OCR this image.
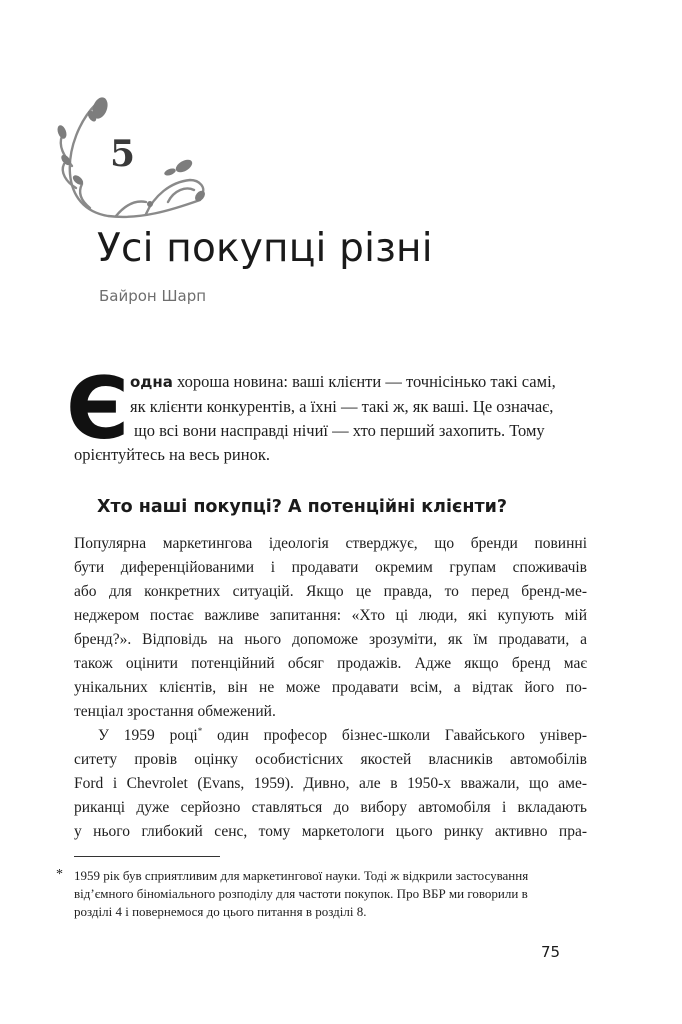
5
Усі покупці різні
Байрон Шарп
Є одна хороша новина: ваші клієнти — точнісінько такі самі,

як клієнти конкурентів, а їхні — такі ж, як ваші. Це означає,

що всі вони насправді нічиї — хто перший захопить. Тому

орієнтуйтесь на весь ринок.

Хто наші покупці? А потенційні клієнти?

Популярна маркетингова ідеологія стверджує, що бренди повинні

бути диференційованими і продавати окремим групам споживачів

або для конкретних ситуацій. Якщо це правда, то перед бренд-ме-

неджером постає важливе запитання: «Хто ці люди, які купують мій

бренд?». Відповідь на нього допоможе зрозуміти, як їм продавати, а

також оцінити потенційний обсяг продажів. Адже якщо бренд має

унікальних клієнтів, він не може продавати всім, а відтак його по-

тенціал зростання обмежений.

У 1959 році* один професор бізнес-школи Гавайського універ-

ситету провів оцінку особистісних якостей власників автомобілів

Ford і Chevrolet (Evans, 1959). Дивно, але в 1950-х вважали, що аме-

риканці дуже серйозно ставляться до вибору автомобіля і вкладають

у нього глибокий сенс, тому маркетологи цього ринку активно пра-

* 1959 рік був сприятливим для маркетингової науки. Тоді ж відкрили застосування

від’ємного біноміального розподілу для частоти покупок. Про ВБР ми говорили в

розділі 4 і повернемося до цього питання в розділі 8.

75
